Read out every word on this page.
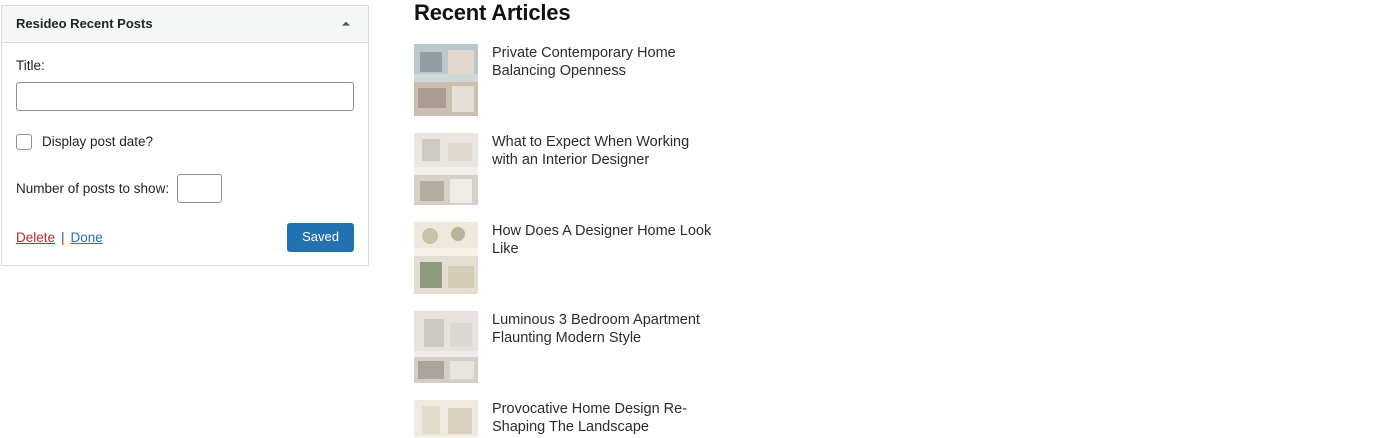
Resideo Recent Posts
Title:
Display post date?
Number of posts to show:
Delete | Done	Saved
Recent Articles
Private Contemporary Home Balancing Openness
What to Expect When Working with an Interior Designer
How Does A Designer Home Look Like
Luminous 3 Bedroom Apartment Flaunting Modern Style
Provocative Home Design Re-Shaping The Landscape
